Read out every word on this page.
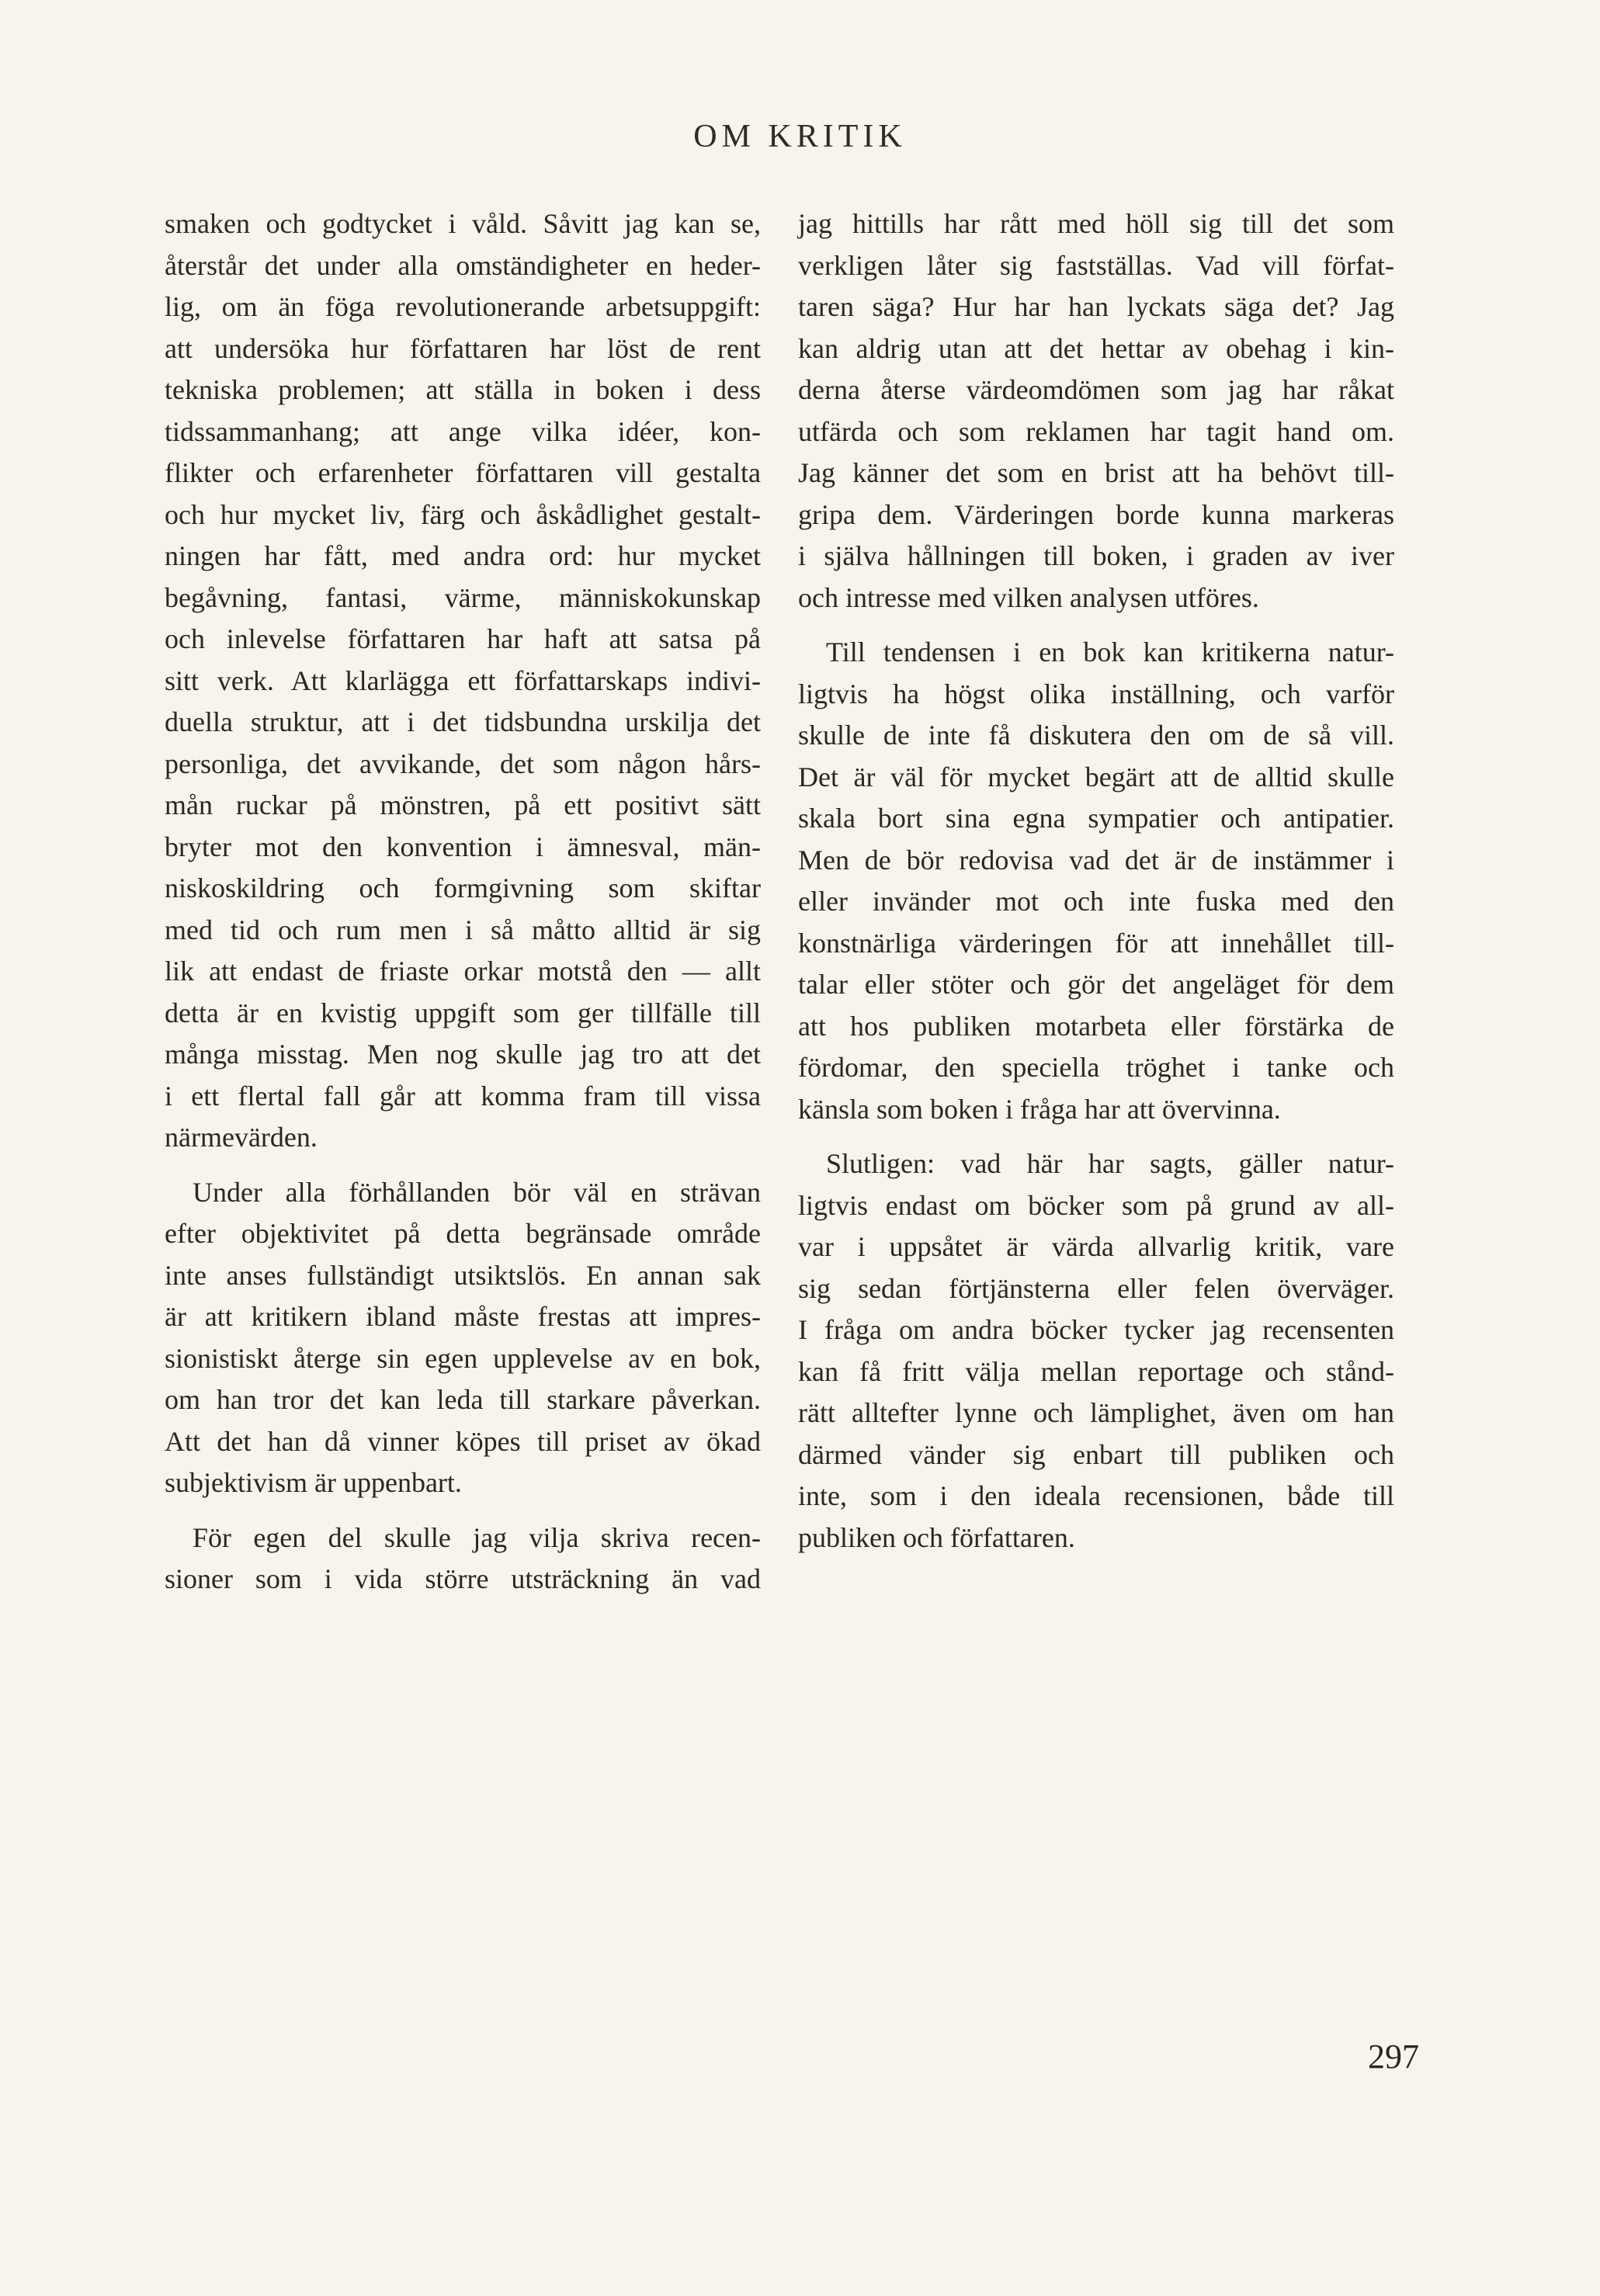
OM KRITIK
smaken och godtycket i våld. Såvitt jag kan se,
återstår det under alla omständigheter en heder-
lig, om än föga revolutionerande arbetsuppgift:
att undersöka hur författaren har löst de rent
tekniska problemen; att ställa in boken i dess
tidssammanhang; att ange vilka idéer, kon-
flikter och erfarenheter författaren vill gestalta
och hur mycket liv, färg och åskådlighet gestalt-
ningen har fått, med andra ord: hur mycket
begåvning, fantasi, värme, människokunskap
och inlevelse författaren har haft att satsa på
sitt verk. Att klarlägga ett författarskaps indivi-
duella struktur, att i det tidsbundna urskilja det
personliga, det avvikande, det som någon hårs-
mån ruckar på mönstren, på ett positivt sätt
bryter mot den konvention i ämnesval, män-
niskoskildring och formgivning som skiftar
med tid och rum men i så måtto alltid är sig
lik att endast de friaste orkar motstå den — allt
detta är en kvistig uppgift som ger tillfälle till
många misstag. Men nog skulle jag tro att det
i ett flertal fall går att komma fram till vissa
närmevärden.
Under alla förhållanden bör väl en strävan
efter objektivitet på detta begränsade område
inte anses fullständigt utsiktslös. En annan sak
är att kritikern ibland måste frestas att impres-
sionistiskt återge sin egen upplevelse av en bok,
om han tror det kan leda till starkare påverkan.
Att det han då vinner köpes till priset av ökad
subjektivism är uppenbart.
För egen del skulle jag vilja skriva recen-
sioner som i vida större utsträckning än vad
jag hittills har rått med höll sig till det som
verkligen låter sig fastställas. Vad vill förfat-
taren säga? Hur har han lyckats säga det? Jag
kan aldrig utan att det hettar av obehag i kin-
derna återse värdeomdömen som jag har råkat
utfärda och som reklamen har tagit hand om.
Jag känner det som en brist att ha behövt till-
gripa dem. Värderingen borde kunna markeras
i själva hållningen till boken, i graden av iver
och intresse med vilken analysen utföres.
Till tendensen i en bok kan kritikerna natur-
ligtvis ha högst olika inställning, och varför
skulle de inte få diskutera den om de så vill.
Det är väl för mycket begärt att de alltid skulle
skala bort sina egna sympatier och antipatier.
Men de bör redovisa vad det är de instämmer i
eller invänder mot och inte fuska med den
konstnärliga värderingen för att innehållet till-
talar eller stöter och gör det angeläget för dem
att hos publiken motarbeta eller förstärka de
fördomar, den speciella tröghet i tanke och
känsla som boken i fråga har att övervinna.
Slutligen: vad här har sagts, gäller natur-
ligtvis endast om böcker som på grund av all-
var i uppsåtet är värda allvarlig kritik, vare
sig sedan förtjänsterna eller felen överväger.
I fråga om andra böcker tycker jag recensenten
kan få fritt välja mellan reportage och stånd-
rätt alltefter lynne och lämplighet, även om han
därmed vänder sig enbart till publiken och
inte, som i den ideala recensionen, både till
publiken och författaren.
297
